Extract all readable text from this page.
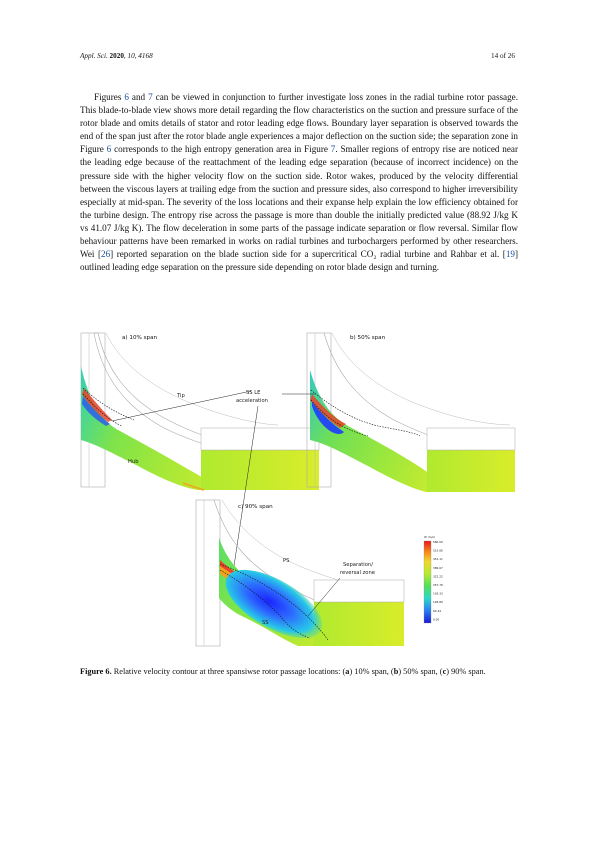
Appl. Sci. 2020, 10, 4168	14 of 26
Figures 6 and 7 can be viewed in conjunction to further investigate loss zones in the radial turbine rotor passage. This blade-to-blade view shows more detail regarding the flow characteristics on the suction and pressure surface of the rotor blade and omits details of stator and rotor leading edge flows. Boundary layer separation is observed towards the end of the span just after the rotor blade angle experiences a major deflection on the suction side; the separation zone in Figure 6 corresponds to the high entropy generation area in Figure 7. Smaller regions of entropy rise are noticed near the leading edge because of the reattachment of the leading edge separation (because of incorrect incidence) on the pressure side with the higher velocity flow on the suction side. Rotor wakes, produced by the velocity differential between the viscous layers at trailing edge from the suction and pressure sides, also correspond to higher irreversibility especially at mid-span. The severity of the loss locations and their expanse help explain the low efficiency obtained for the turbine design. The entropy rise across the passage is more than double the initially predicted value (88.92 J/kg K vs 41.07 J/kg K). The flow deceleration in some parts of the passage indicate separation or flow reversal. Similar flow behaviour patterns have been remarked in works on radial turbines and turbochargers performed by other researchers. Wei [26] reported separation on the blade suction side for a supercritical CO₂ radial turbine and Rahbar et al. [19] outlined leading edge separation on the pressure side depending on rotor blade design and turning.
a) 10% span
Tip
Hub
b) 50% span
SS LE
acceleration
c) 90% span
PS
SS
Separation/
reversal zone
W (m/s)
580.00
515.66
451.11
386.67
322.22
257.78
193.33
128.89
64.44
0.00
Figure 6. Relative velocity contour at three spansiwse rotor passage locations: (a) 10% span, (b) 50% span, (c) 90% span.
